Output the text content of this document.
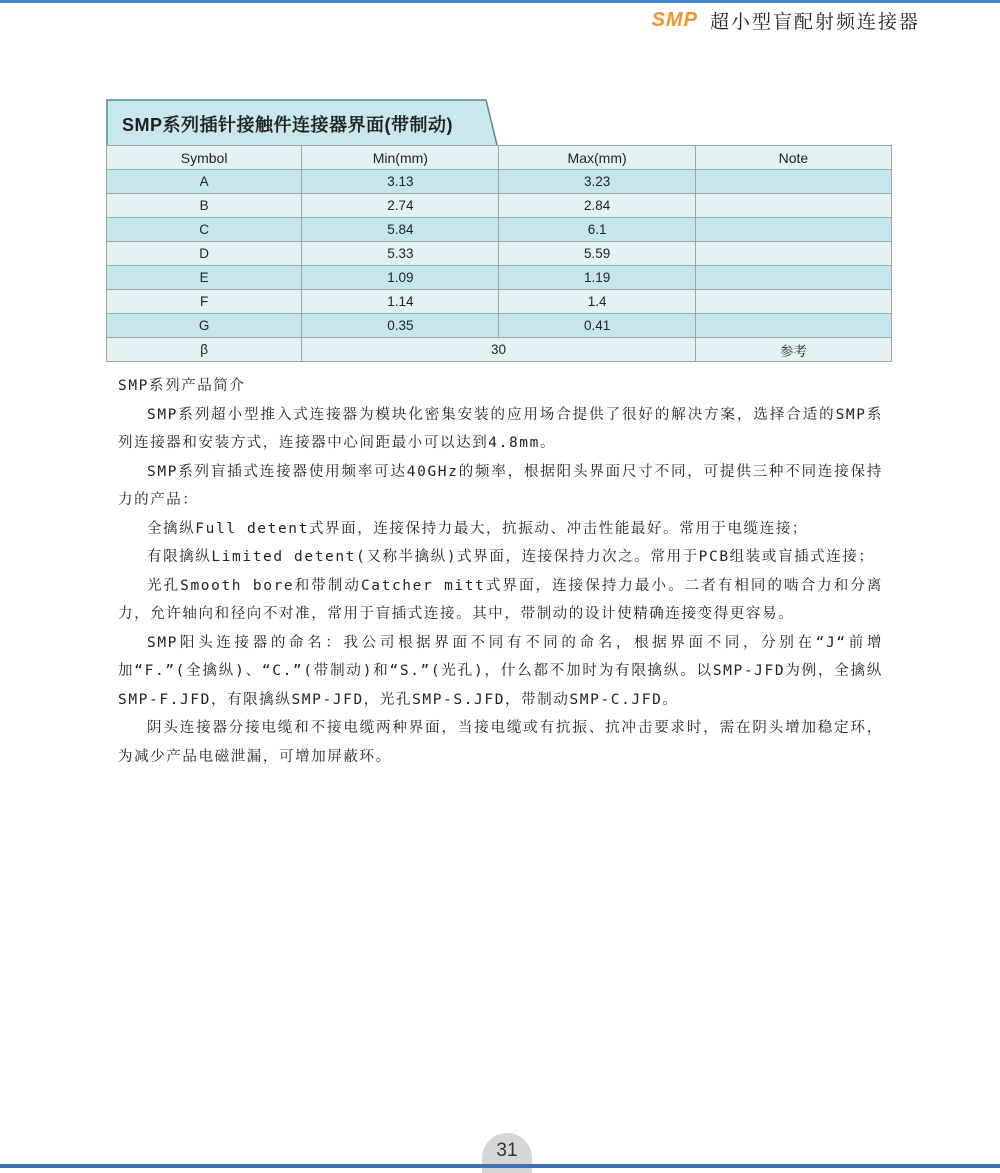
SMP 超小型盲配射频连接器
SMP系列插针接触件连接器界面(带制动)
Symbol	Min(mm)	Max(mm)	Note
A	3.13	3.23	
B	2.74	2.84	
C	5.84	6.1	
D	5.33	5.59	
E	1.09	1.19	
F	1.14	1.4	
G	0.35	0.41	
β	30		参考

SMP系列产品简介

SMP系列超小型推入式连接器为模块化密集安装的应用场合提供了很好的解决方案，选择合适的SMP系列连接器和安装方式，连接器中心间距最小可以达到4.8mm。

SMP系列盲插式连接器使用频率可达40GHz的频率，根据阳头界面尺寸不同，可提供三种不同连接保持力的产品：

全擒纵Full detent式界面，连接保持力最大，抗振动、冲击性能最好。常用于电缆连接；

有限擒纵Limited detent(又称半擒纵)式界面，连接保持力次之。常用于PCB组装或盲插式连接；

光孔Smooth bore和带制动Catcher mitt式界面，连接保持力最小。二者有相同的啮合力和分离力，允许轴向和径向不对准，常用于盲插式连接。其中，带制动的设计使精确连接变得更容易。

SMP阳头连接器的命名：我公司根据界面不同有不同的命名，根据界面不同，分别在“J“前增加“F.”(全擒纵)、“C.”(带制动)和“S.”(光孔)，什么都不加时为有限擒纵。以SMP-JFD为例，全擒纵SMP-F.JFD，有限擒纵SMP-JFD，光孔SMP-S.JFD，带制动SMP-C.JFD。

阴头连接器分接电缆和不接电缆两种界面，当接电缆或有抗振、抗冲击要求时，需在阴头增加稳定环，为减少产品电磁泄漏，可增加屏蔽环。

31
